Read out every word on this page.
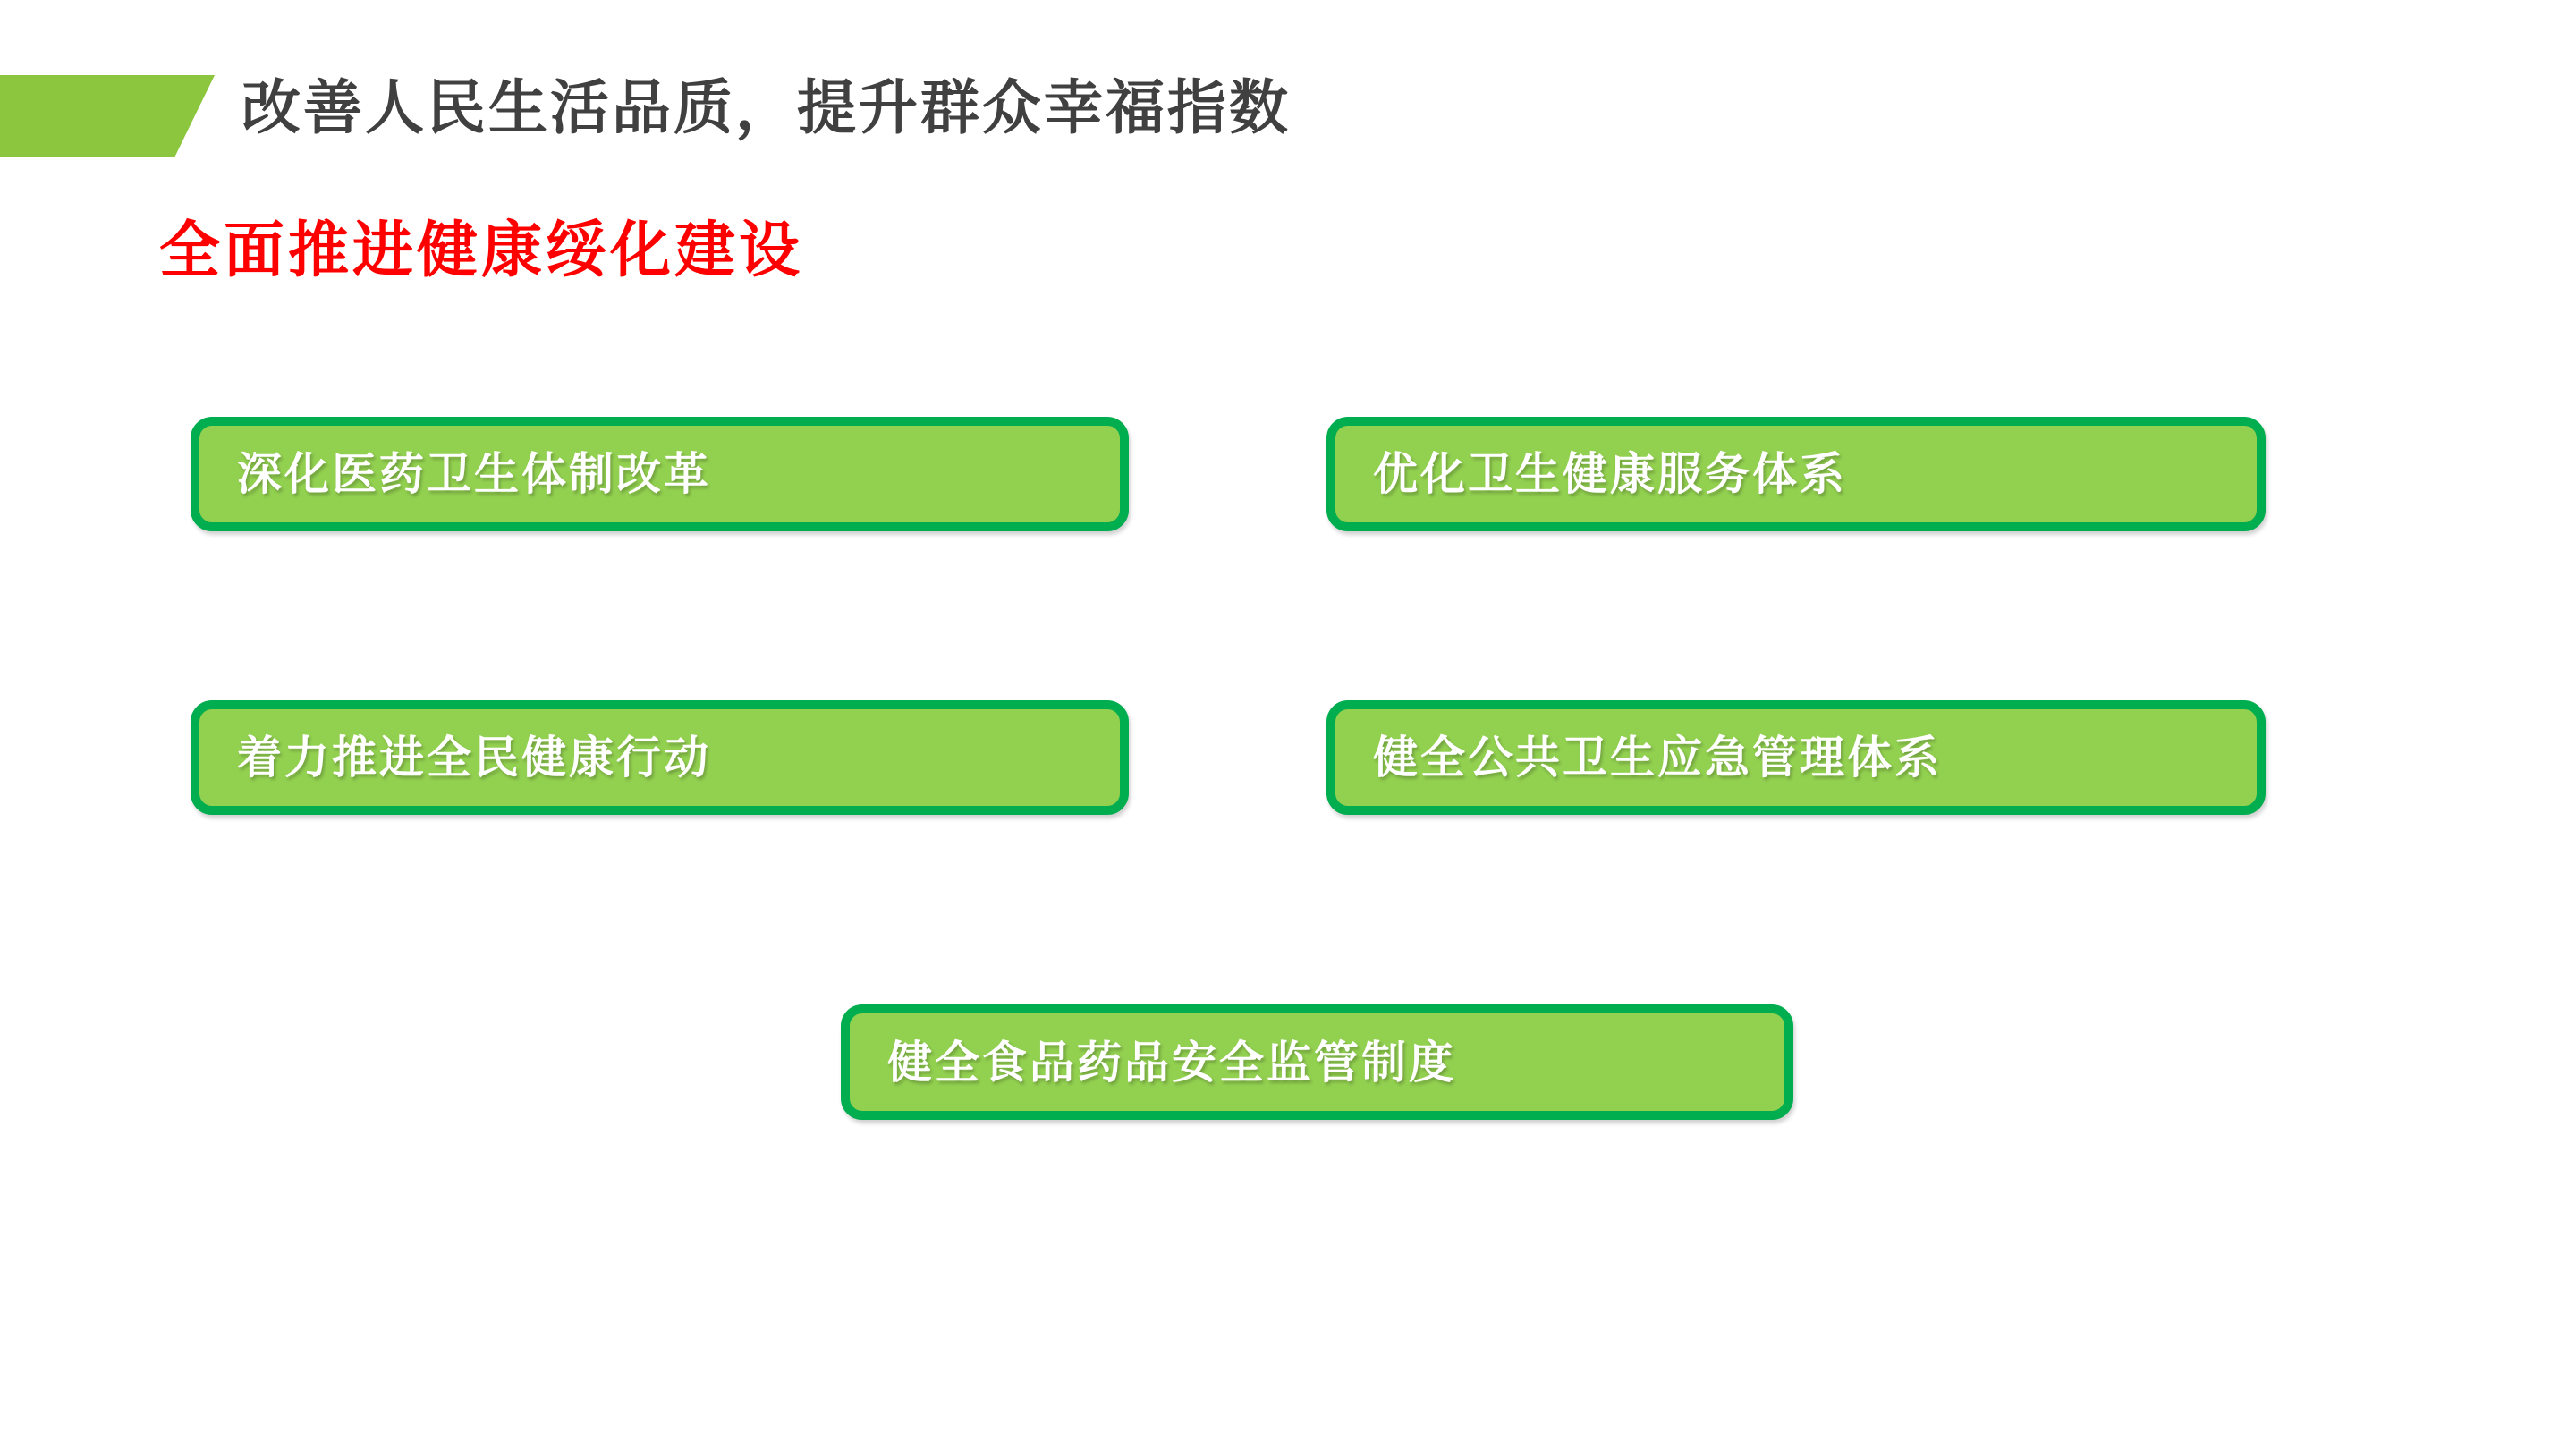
改善人民生活品质，提升群众幸福指数
全面推进健康绥化建设
深化医药卫生体制改革	优化卫生健康服务体系
着力推进全民健康行动	健全公共卫生应急管理体系
健全食品药品安全监管制度
